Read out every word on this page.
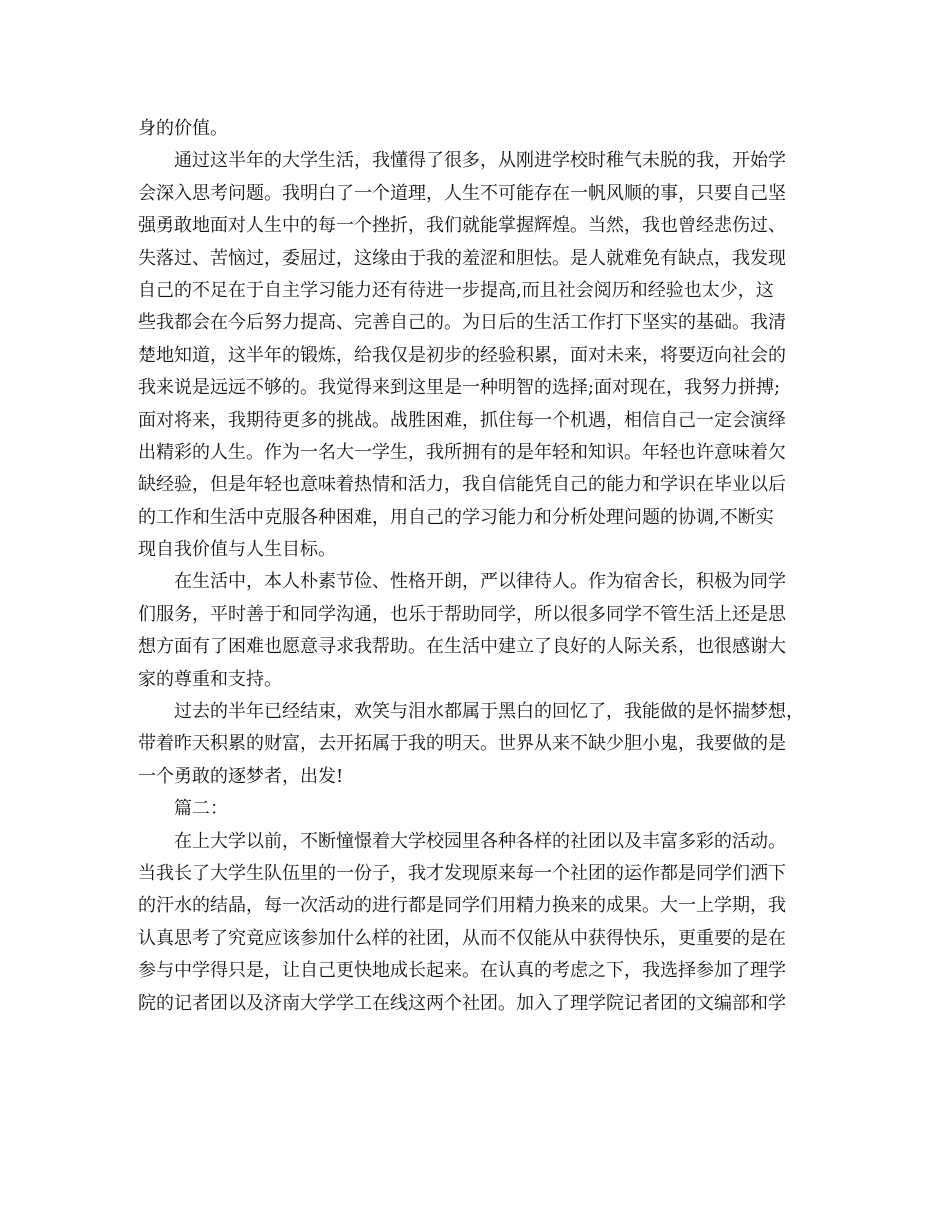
身的价值。
通过这半年的大学生活，我懂得了很多，从刚进学校时稚气未脱的我，开始学
会深入思考问题。我明白了一个道理，人生不可能存在一帆风顺的事，只要自己坚
强勇敢地面对人生中的每一个挫折，我们就能掌握辉煌。当然，我也曾经悲伤过、
失落过、苦恼过，委屈过，这缘由于我的羞涩和胆怯。是人就难免有缺点，我发现
自己的不足在于自主学习能力还有待进一步提高,而且社会阅历和经验也太少，这
些我都会在今后努力提高、完善自己的。为日后的生活工作打下坚实的基础。我清
楚地知道，这半年的锻炼，给我仅是初步的经验积累，面对未来，将要迈向社会的
我来说是远远不够的。我觉得来到这里是一种明智的选择;面对现在，我努力拼搏;
面对将来，我期待更多的挑战。战胜困难，抓住每一个机遇，相信自己一定会演绎
出精彩的人生。作为一名大一学生，我所拥有的是年轻和知识。年轻也许意味着欠
缺经验，但是年轻也意味着热情和活力，我自信能凭自己的能力和学识在毕业以后
的工作和生活中克服各种困难，用自己的学习能力和分析处理问题的协调,不断实
现自我价值与人生目标。
在生活中，本人朴素节俭、性格开朗，严以律待人。作为宿舍长，积极为同学
们服务，平时善于和同学沟通，也乐于帮助同学，所以很多同学不管生活上还是思
想方面有了困难也愿意寻求我帮助。在生活中建立了良好的人际关系，也很感谢大
家的尊重和支持。
过去的半年已经结束，欢笑与泪水都属于黑白的回忆了，我能做的是怀揣梦想，
带着昨天积累的财富，去开拓属于我的明天。世界从来不缺少胆小鬼，我要做的是
一个勇敢的逐梦者，出发!
篇二：
在上大学以前，不断憧憬着大学校园里各种各样的社团以及丰富多彩的活动。
当我长了大学生队伍里的一份子，我才发现原来每一个社团的运作都是同学们洒下
的汗水的结晶，每一次活动的进行都是同学们用精力换来的成果。大一上学期，我
认真思考了究竟应该参加什么样的社团，从而不仅能从中获得快乐，更重要的是在
参与中学得只是，让自己更快地成长起来。在认真的考虑之下，我选择参加了理学
院的记者团以及济南大学学工在线这两个社团。加入了理学院记者团的文编部和学
